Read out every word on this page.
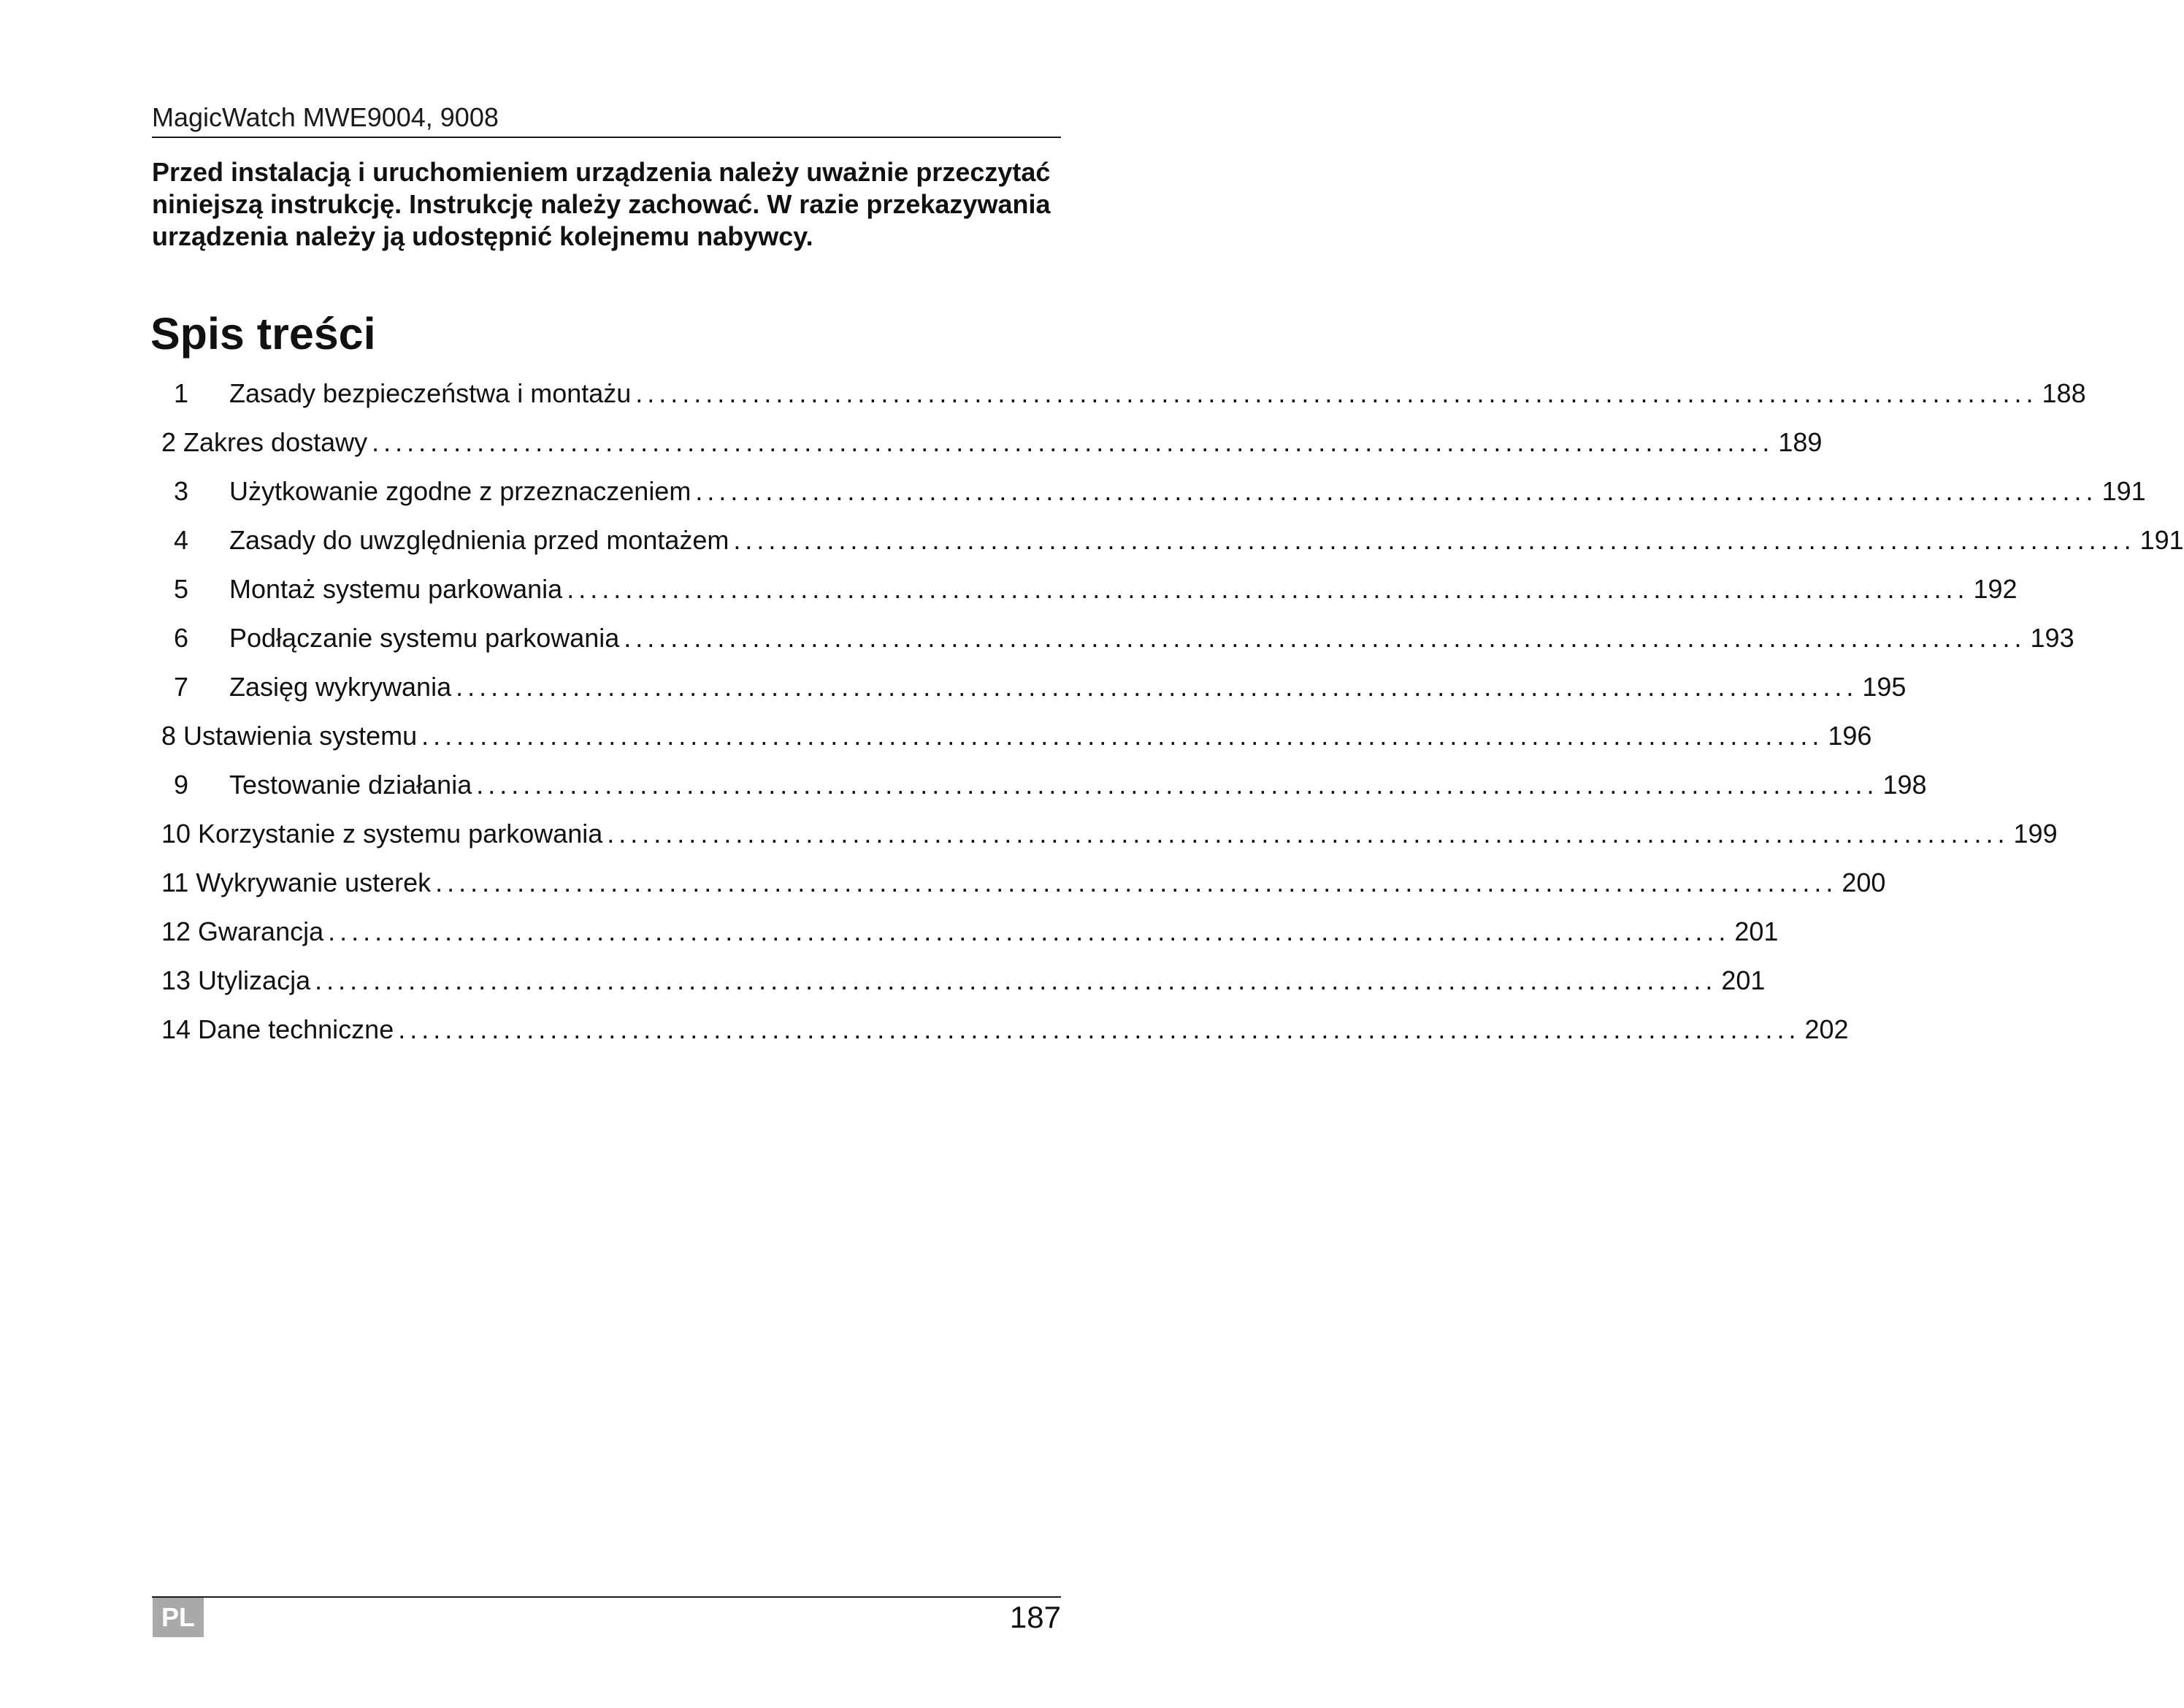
MagicWatch MWE9004, 9008

Przed instalacją i uruchomieniem urządzenia należy uważnie przeczytać niniejszą instrukcję. Instrukcję należy zachować. W razie przekazywania urządzenia należy ją udostępnić kolejnemu nabywcy.

Spis treści
1	Zasady bezpieczeństwa i montażu ........................................................................................................................ 188
2 Zakres dostawy ........................................................................................................................ 189
3	Użytkowanie zgodne z przeznaczeniem ........................................................................................................................ 191
4	Zasady do uwzględnienia przed montażem ........................................................................................................................ 191
5	Montaż systemu parkowania ........................................................................................................................ 192
6	Podłączanie systemu parkowania ........................................................................................................................ 193
7	Zasięg wykrywania ........................................................................................................................ 195
8 Ustawienia systemu ........................................................................................................................ 196
9	Testowanie działania ........................................................................................................................ 198
10 Korzystanie z systemu parkowania ........................................................................................................................ 199
11 Wykrywanie usterek ........................................................................................................................ 200
12 Gwarancja ........................................................................................................................ 201
13 Utylizacja ........................................................................................................................ 201
14 Dane techniczne ........................................................................................................................ 202
PL	187
